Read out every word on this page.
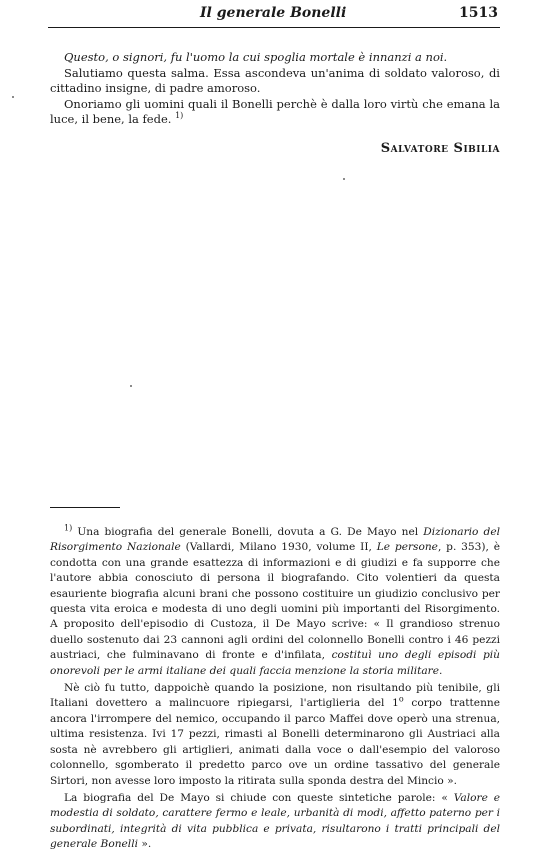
Il generale Bonelli	1513

Questo, o signori, fu l'uomo la cui spoglia mortale è innanzi a noi.

Salutiamo questa salma. Essa ascondeva un'anima di soldato valoroso, di cittadino insigne, di padre amoroso.

Onoriamo gli uomini quali il Bonelli perchè è dalla loro virtù che emana la luce, il bene, la fede. $^{1)}$

Salvatore Sibilia

$^{1)}$ Una biografia del generale Bonelli, dovuta a G. De Mayo nel Dizionario del Risorgimento Nazionale (Vallardi, Milano 1930, volume II, Le persone, p. 353), è condotta con una grande esattezza di informazioni e di giudizi e fa supporre che l'autore abbia conosciuto di persona il biografando. Cito volentieri da questa esauriente biografia alcuni brani che possono costituire un giudizio conclusivo per questa vita eroica e modesta di uno degli uomini più importanti del Risorgimento. A proposito dell'episodio di Custoza, il De Mayo scrive: « Il grandioso strenuo duello sostenuto dai 23 cannoni agli ordini del colonnello Bonelli contro i 46 pezzi austriaci, che fulminavano di fronte e d'infilata, costituì uno degli episodi più onorevoli per le armi italiane dei quali faccia menzione la storia militare.

Nè ciò fu tutto, dappoichè quando la posizione, non risultando più tenibile, gli Italiani dovettero a malincuore ripiegarsi, l'artiglieria del 1$^o$ corpo trattenne ancora l'irrompere del nemico, occupando il parco Maffei dove operò una strenua, ultima resistenza. Ivi 17 pezzi, rimasti al Bonelli determinarono gli Austriaci alla sosta nè avrebbero gli artiglieri, animati dalla voce o dall'esempio del valoroso colonnello, sgomberato il predetto parco ove un ordine tassativo del generale Sirtori, non avesse loro imposto la ritirata sulla sponda destra del Mincio ».

La biografia del De Mayo si chiude con queste sintetiche parole: « Valore e modestia di soldato, carattere fermo e leale, urbanità di modi, affetto paterno per i subordinati, integrità di vita pubblica e privata, risultarono i tratti principali del generale Bonelli ».
